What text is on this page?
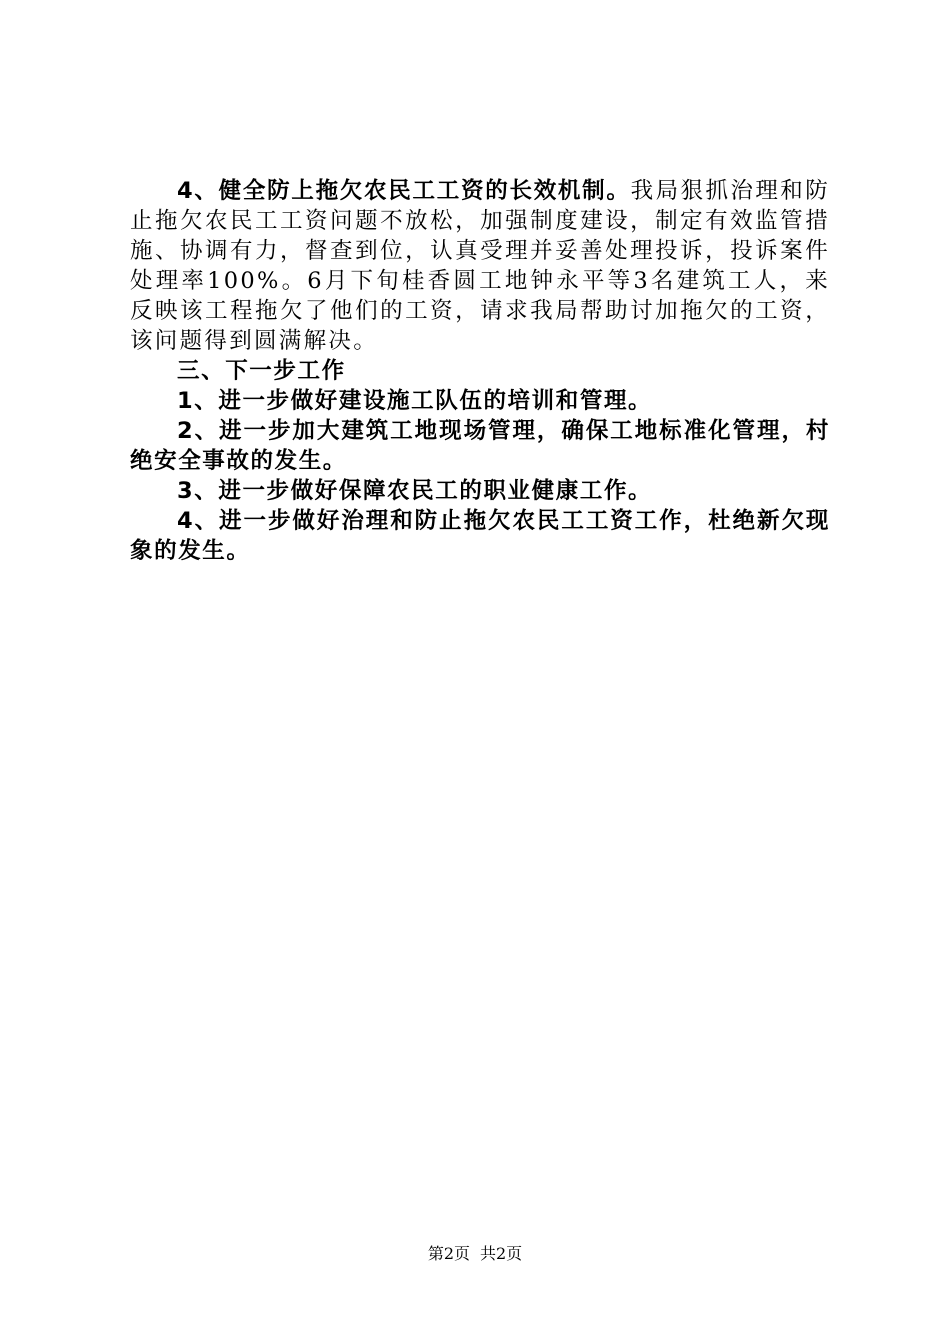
4、健全防上拖欠农民工工资的长效机制。我局狠抓治理和防止拖欠农民工工资问题不放松，加强制度建设，制定有效监管措施、协调有力，督查到位，认真受理并妥善处理投诉，投诉案件处理率100%。6月下旬桂香圆工地钟永平等3名建筑工人，来反映该工程拖欠了他们的工资，请求我局帮助讨加拖欠的工资，该问题得到圆满解决。

三、下一步工作

1、进一步做好建设施工队伍的培训和管理。

2、进一步加大建筑工地现场管理，确保工地标准化管理，村绝安全事故的发生。

3、进一步做好保障农民工的职业健康工作。

4、进一步做好治理和防止拖欠农民工工资工作，杜绝新欠现象的发生。

第2页 共2页
